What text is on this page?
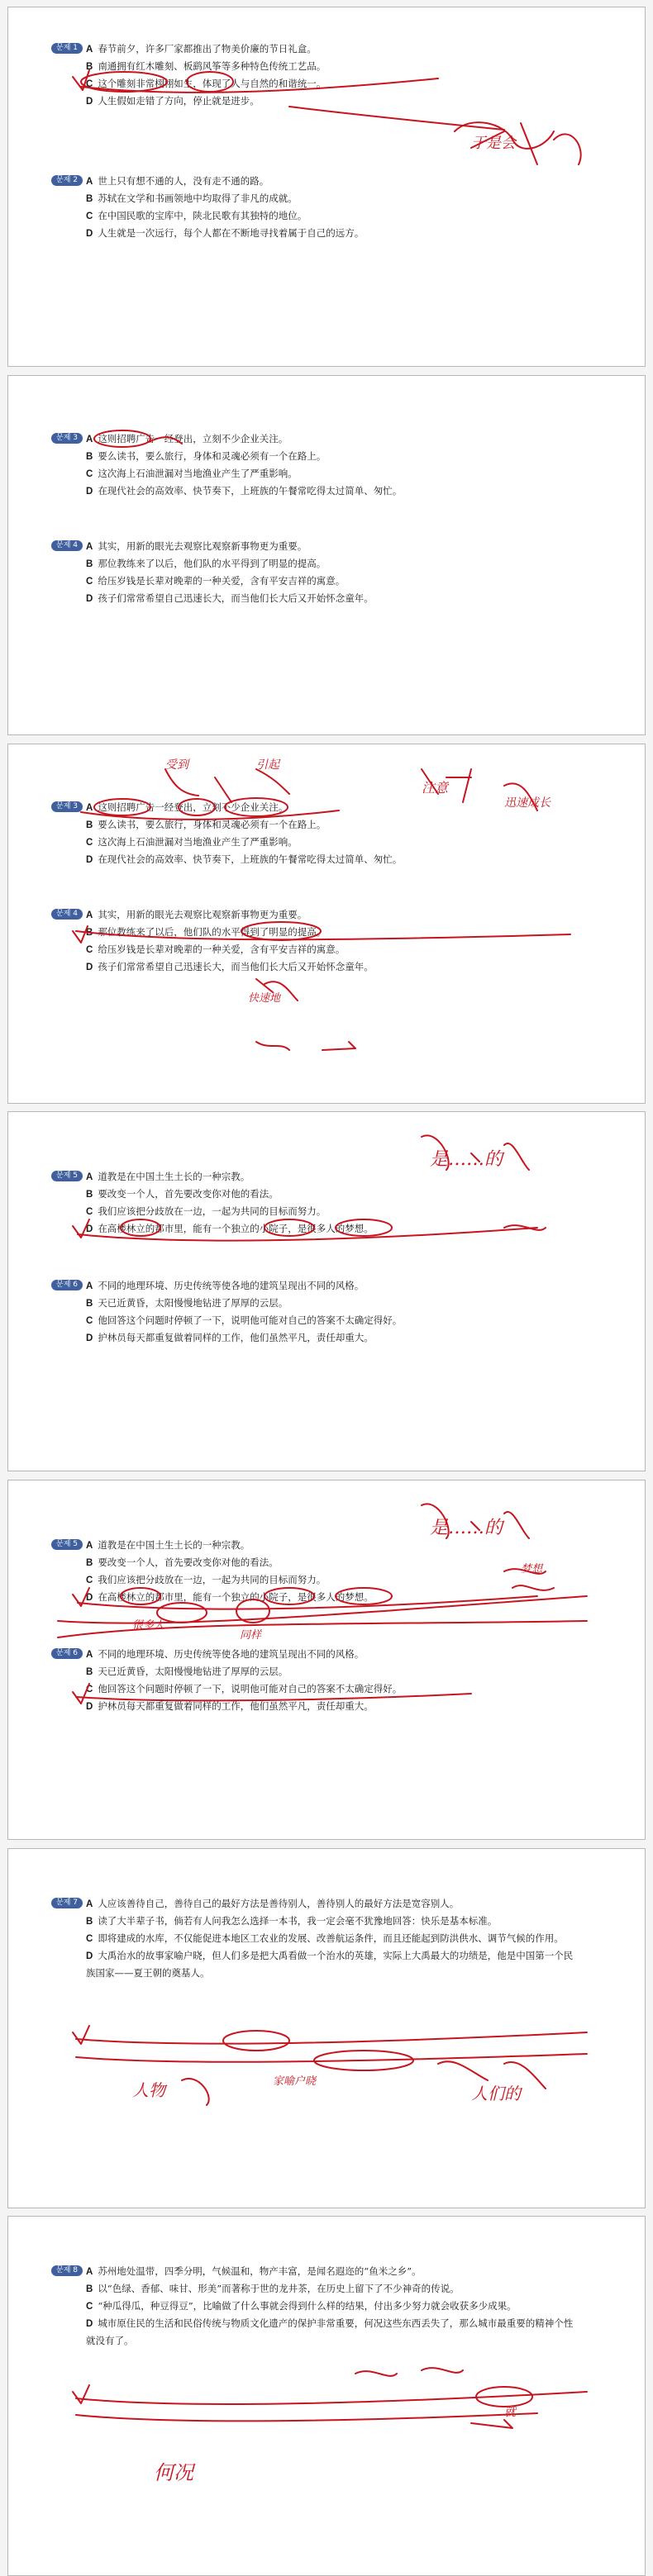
문제 1 A 春节前夕，许多厂家都推出了物美价廉的节日礼盒。
B 南通拥有红木雕刻、板鹞风筝等多种特色传统工艺品。
C 这个雕刻非常栩栩如生，体现了人与自然的和谐统一。
D 人生假如走错了方向，停止就是进步。
문제 2 A 世上只有想不通的人，没有走不通的路。
B 苏轼在文学和书画领地中均取得了非凡的成就。
C 在中国民歌的宝库中，陕北民歌有其独特的地位。
D 人生就是一次远行，每个人都在不断地寻找着属于自己的远方。
于是会
문제 3 A 这则招聘广告一经登出，立刻不少企业关注。
B 要么读书，要么旅行，身体和灵魂必须有一个在路上。
C 这次海上石油泄漏对当地渔业产生了严重影响。
D 在现代社会的高效率、快节奏下，上班族的午餐常吃得太过简单、匆忙。
문제 4 A 其实，用新的眼光去观察比观察新事物更为重要。
B 那位教练来了以后，他们队的水平得到了明显的提高。
C 给压岁钱是长辈对晚辈的一种关爱，含有平安吉祥的寓意。
D 孩子们常常希望自己迅速长大，而当他们长大后又开始怀念童年。
문제 3 A 这则招聘广告一经登出，立刻不少企业关注。
B 要么读书，要么旅行，身体和灵魂必须有一个在路上。
C 这次海上石油泄漏对当地渔业产生了严重影响。
D 在现代社会的高效率、快节奏下，上班族的午餐常吃得太过简单、匆忙。
문제 4 A 其实，用新的眼光去观察比观察新事物更为重要。
B 那位教练来了以后，他们队的水平得到了明显的提高。
C 给压岁钱是长辈对晚辈的一种关爱，含有平安吉祥的寓意。
D 孩子们常常希望自己迅速长大，而当他们长大后又开始怀念童年。
受到	引起
注意
快速地
迅速成长
문제 5 A 道教是在中国土生土长的一种宗教。
B 要改变一个人，首先要改变你对他的看法。
C 我们应该把分歧放在一边，一起为共同的目标而努力。
D 在高楼林立的都市里，能有一个独立的小院子，是很多人的梦想。
문제 6 A 不同的地理环境、历史传统等使各地的建筑呈现出不同的风格。
B 天已近黄昏，太阳慢慢地钻进了厚厚的云层。
C 他回答这个问题时停顿了一下，说明他可能对自己的答案不太确定得好。
D 护林员每天都重复做着同样的工作，他们虽然平凡，责任却重大。
是……的
문제 5 A 道教是在中国土生土长的一种宗教。
B 要改变一个人，首先要改变你对他的看法。
C 我们应该把分歧放在一边，一起为共同的目标而努力。
D 在高楼林立的都市里，能有一个独立的小院子，是很多人的梦想。
문제 6 A 不同的地理环境、历史传统等使各地的建筑呈现出不同的风格。
B 天已近黄昏，太阳慢慢地钻进了厚厚的云层。
C 他回答这个问题时停顿了一下，说明他可能对自己的答案不太确定得好。
D 护林员每天都重复做着同样的工作，他们虽然平凡，责任却重大。
是……的
很多人
梦想
同样
문제 7 A 人应该善待自己，善待自己的最好方法是善待别人，善待别人的最好方法是宽容别人。
B 读了大半辈子书，倘若有人问我怎么选择一本书，我一定会毫不犹豫地回答：快乐是基本标准。
C 即将建成的水库，不仅能促进本地区工农业的发展、改善航运条件，而且还能起到防洪供水、调节气候的作用。
D 大禹治水的故事家喻户晓，但人们多是把大禹看做一个治水的英雄，实际上大禹最大的功绩是，他是中国第一个民族国家——夏王朝的奠基人。
人物	家喻户晓
人们的
문제 8 A 苏州地处温带，四季分明，气候温和，物产丰富，是闻名遐迩的“鱼米之乡”。
B 以“色绿、香郁、味甘、形美”而著称于世的龙井茶，在历史上留下了不少神奇的传说。
C “种瓜得瓜，种豆得豆”，比喻做了什么事就会得到什么样的结果，付出多少努力就会收获多少成果。
D 城市原住民的生活和民俗传统与物质文化遗产的保护非常重要，何况这些东西丢失了，那么城市最重要的精神个性就没有了。
何况
就
